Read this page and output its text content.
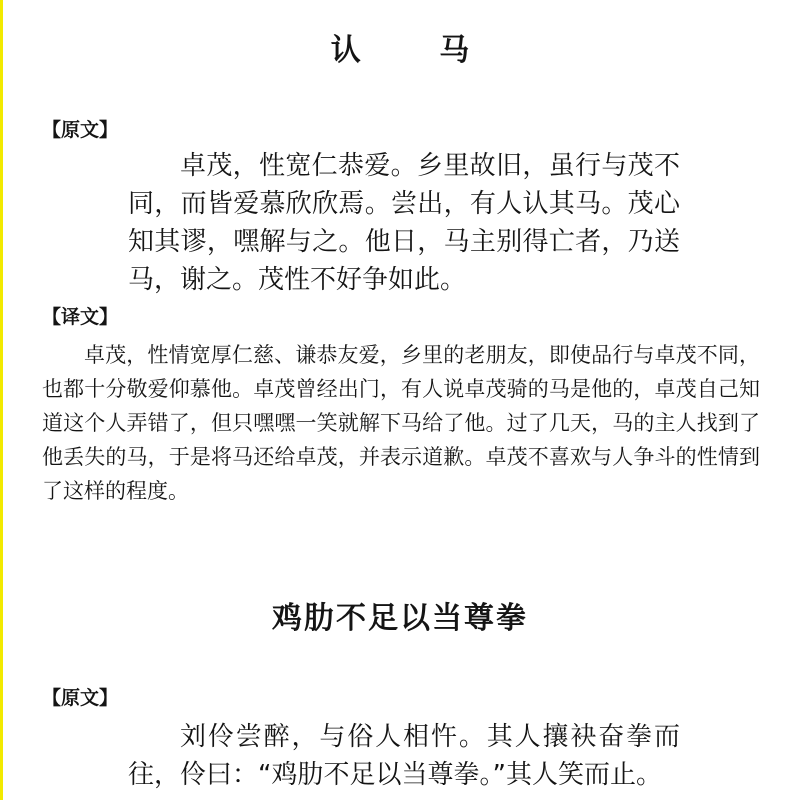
认 马
【原文】

卓茂，性宽仁恭爱。乡里故旧，虽行与茂不同，而皆爱慕欣欣焉。尝出，有人认其马。茂心知其谬，嘿解与之。他日，马主别得亡者，乃送马，谢之。茂性不好争如此。

【译文】

卓茂，性情宽厚仁慈、谦恭友爱，乡里的老朋友，即使品行与卓茂不同，也都十分敬爱仰慕他。卓茂曾经出门，有人说卓茂骑的马是他的，卓茂自己知道这个人弄错了，但只嘿嘿一笑就解下马给了他。过了几天，马的主人找到了他丢失的马，于是将马还给卓茂，并表示道歉。卓茂不喜欢与人争斗的性情到了这样的程度。

鸡肋不足以当尊拳
【原文】

刘伶尝醉，与俗人相忤。其人攘袂奋拳而往，伶曰：“鸡肋不足以当尊拳。”其人笑而止。
